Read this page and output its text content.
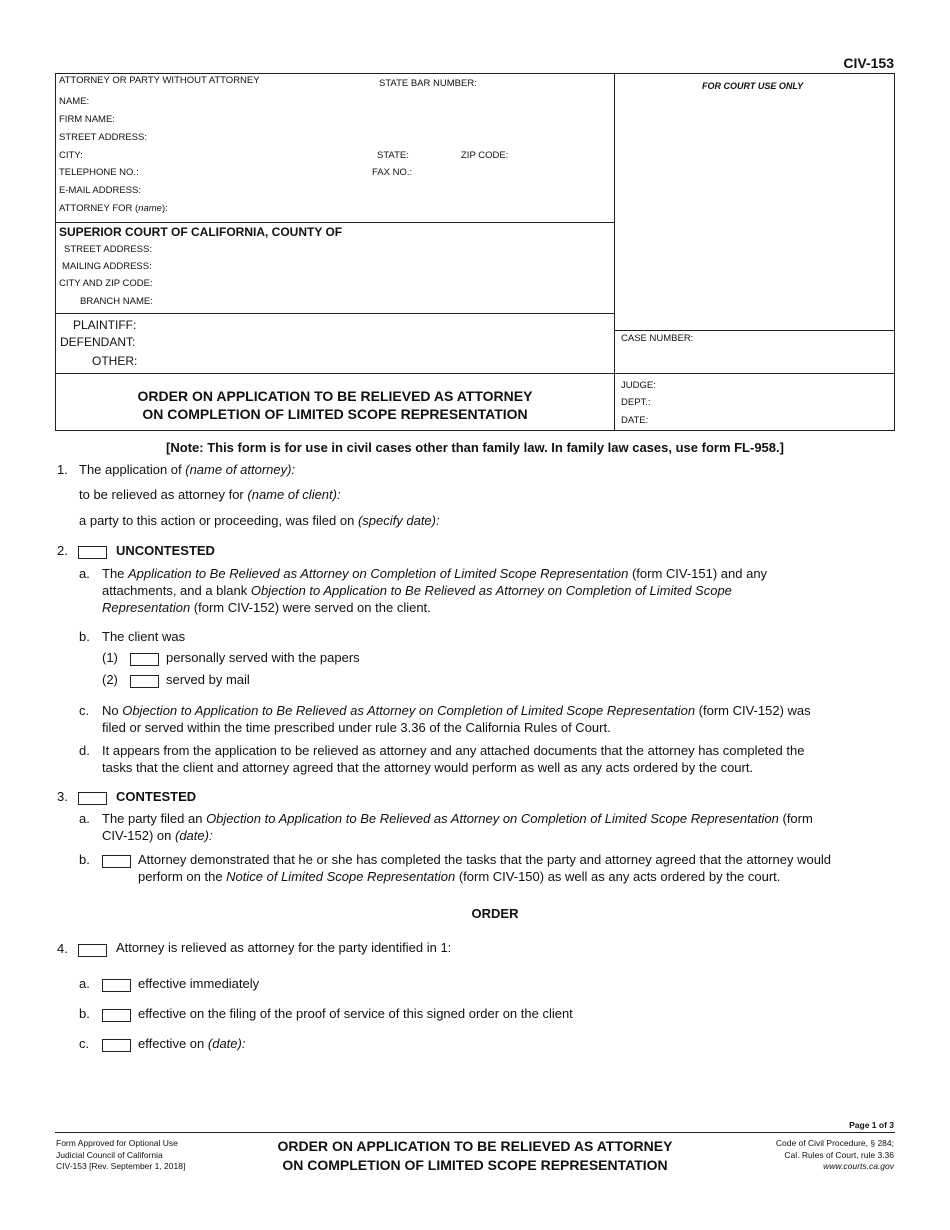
CIV-153
ATTORNEY OR PARTY WITHOUT ATTORNEY	STATE BAR NUMBER:
NAME:
FIRM NAME:
STREET ADDRESS:
CITY:	STATE:	ZIP CODE:
TELEPHONE NO.:	FAX NO.:
E-MAIL ADDRESS:
ATTORNEY FOR (name):
FOR COURT USE ONLY
SUPERIOR COURT OF CALIFORNIA, COUNTY OF
STREET ADDRESS:
MAILING ADDRESS:
CITY AND ZIP CODE:
BRANCH NAME:
PLAINTIFF:
DEFENDANT:
OTHER:
CASE NUMBER:
ORDER ON APPLICATION TO BE RELIEVED AS ATTORNEY
ON COMPLETION OF LIMITED SCOPE REPRESENTATION
JUDGE:
DEPT.:
DATE:
[Note: This form is for use in civil cases other than family law. In family law cases, use form FL-958.]
1. The application of (name of attorney):
to be relieved as attorney for (name of client):
a party to this action or proceeding, was filed on (specify date):
2.	UNCONTESTED
a. The Application to Be Relieved as Attorney on Completion of Limited Scope Representation (form CIV-151) and any
attachments, and a blank Objection to Application to Be Relieved as Attorney on Completion of Limited Scope
Representation (form CIV-152) were served on the client.
b. The client was
(1)	personally served with the papers
(2)	served by mail
c. No Objection to Application to Be Relieved as Attorney on Completion of Limited Scope Representation (form CIV-152) was
filed or served within the time prescribed under rule 3.36 of the California Rules of Court.
d. It appears from the application to be relieved as attorney and any attached documents that the attorney has completed the
tasks that the client and attorney agreed that the attorney would perform as well as any acts ordered by the court.
3.	CONTESTED
a. The party filed an Objection to Application to Be Relieved as Attorney on Completion of Limited Scope Representation (form
CIV-152) on (date):
b.	Attorney demonstrated that he or she has completed the tasks that the party and attorney agreed that the attorney would
perform on the Notice of Limited Scope Representation (form CIV-150) as well as any acts ordered by the court.
ORDER
4.	Attorney is relieved as attorney for the party identified in 1:
a.	effective immediately
b.	effective on the filing of the proof of service of this signed order on the client
c.	effective on (date):
Page 1 of 3
Form Approved for Optional Use
Judicial Council of California
CIV-153 [Rev. September 1, 2018]
ORDER ON APPLICATION TO BE RELIEVED AS ATTORNEY
ON COMPLETION OF LIMITED SCOPE REPRESENTATION
Code of Civil Procedure, § 284;
Cal. Rules of Court, rule 3.36
www.courts.ca.gov
